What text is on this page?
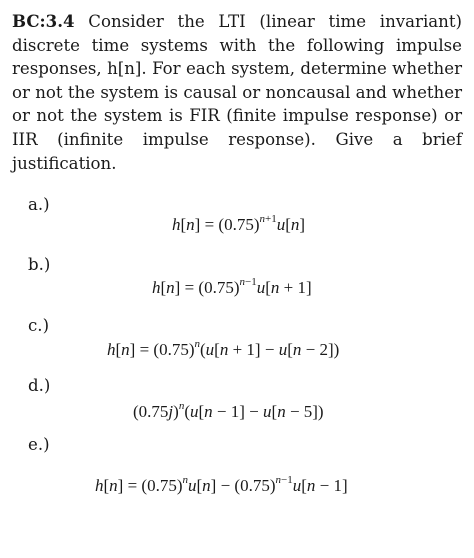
BC:3.4 Consider the LTI (linear time invariant) discrete time systems with the following impulse responses, h[n]. For each system, determine whether or not the system is causal or noncausal and whether or not the system is FIR (finite impulse response) or IIR (infinite impulse response). Give a brief justification.
a.)
$h[n] = (0.75)^{n+1}u[n]$
b.)
$h[n] = (0.75)^{n-1}u[n + 1]$
c.)
$h[n] = (0.75)^n(u[n + 1] - u[n - 2])$
d.)
$(0.75j)^n(u[n - 1] - u[n - 5])$
e.)
$h[n] = (0.75)^nu[n] - (0.75)^{n-1}u[n - 1]$
